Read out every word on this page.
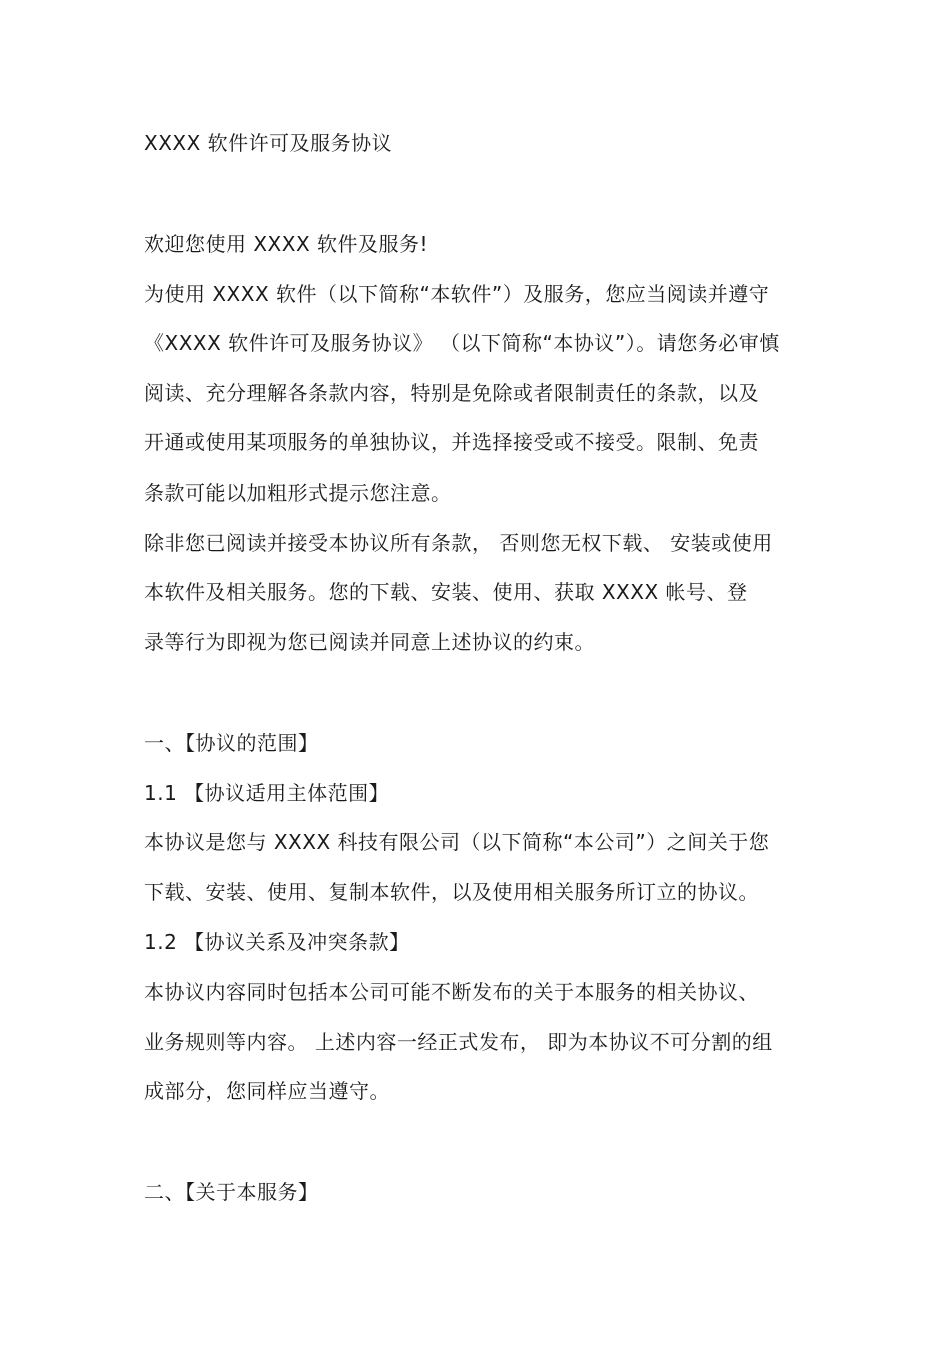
XXXX 软件许可及服务协议
欢迎您使用 XXXX 软件及服务!
为使用 XXXX 软件（以下简称“本软件”）及服务，您应当阅读并遵守
《XXXX 软件许可及服务协议》 （以下简称“本协议”）。请您务必审慎
阅读、充分理解各条款内容，特别是免除或者限制责任的条款，以及
开通或使用某项服务的单独协议，并选择接受或不接受。限制、免责
条款可能以加粗形式提示您注意。
除非您已阅读并接受本协议所有条款， 否则您无权下载、 安装或使用
本软件及相关服务。您的下载、安装、使用、获取 XXXX 帐号、登
录等行为即视为您已阅读并同意上述协议的约束。
一、【协议的范围】
1.1 【协议适用主体范围】
本协议是您与 XXXX 科技有限公司（以下简称“本公司”）之间关于您
下载、安装、使用、复制本软件，以及使用相关服务所订立的协议。
1.2 【协议关系及冲突条款】
本协议内容同时包括本公司可能不断发布的关于本服务的相关协议、
业务规则等内容。 上述内容一经正式发布， 即为本协议不可分割的组
成部分，您同样应当遵守。
二、【关于本服务】
